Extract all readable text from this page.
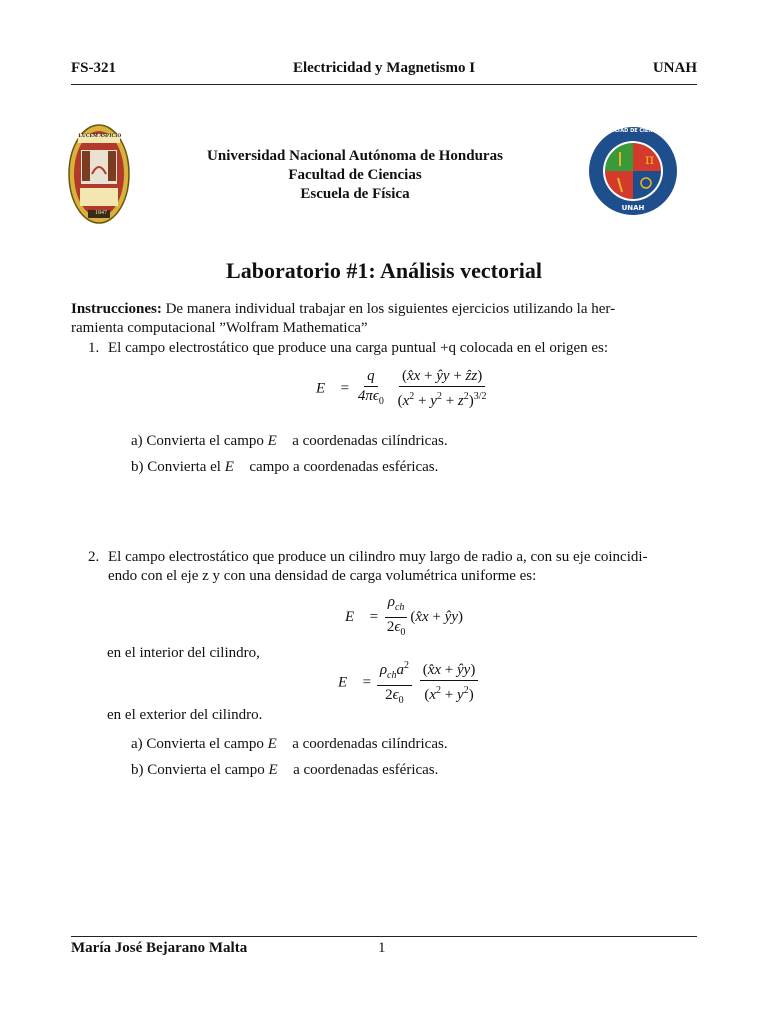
FS-321	Electricidad y Magnetismo I	UNAH
LUCEM ASPICIO
1847
Universidad Nacional Autónoma de Honduras
Facultad de Ciencias
Escuela de Física
π
FACULTAD DE CIENCIAS
UNAH
Laboratorio #1: Análisis vectorial
Instrucciones: De manera individual trabajar en los siguientes ejercicios utilizando la her-
ramienta computacional ”Wolfram Mathematica”
1. El campo electrostático que produce una carga puntual +q colocada en el origen es:
E⃗ = $\frac{q}{4\pi\epsilon_0}$
$\frac{\text{(x̂x + ŷy + ẑz)}}{(x^2 + y^2 + z^2)^{3/2}}$
a) Convierta el campo E⃗ a coordenadas cilíndricas.
b) Convierta el E⃗ campo a coordenadas esféricas.
2. El campo electrostático que produce un cilindro muy largo de radio a, con su eje coincidi-
endo con el eje z y con una densidad de carga volumétrica uniforme es:
E⃗ = $\frac{\rho_{ch}}{2\epsilon_0}$ (x̂x + ŷy)
en el interior del cilindro,
E⃗ = $\frac{\rho_{ch}a^2}{2\epsilon_0}$
$\frac{(x̂x + ŷy)}{(x^2 + y^2)}$
en el exterior del cilindro.
a) Convierta el campo E⃗ a coordenadas cilíndricas.
b) Convierta el campo E⃗ a coordenadas esféricas.
María José Bejarano Malta	1
